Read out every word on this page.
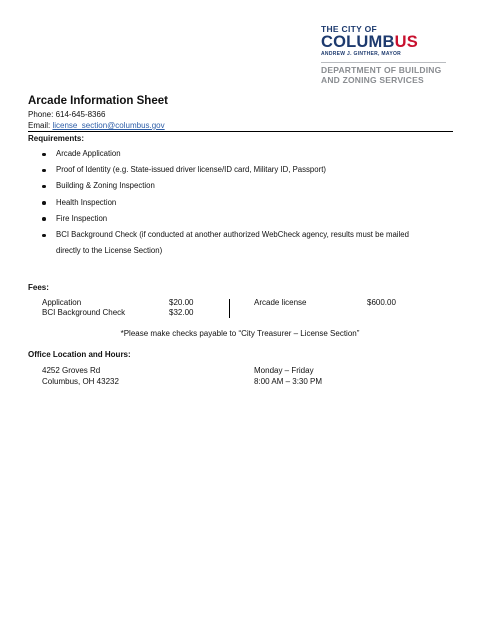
THE CITY OF
COLUMBUS
ANDREW J. GINTHER, MAYOR
DEPARTMENT OF BUILDING
AND ZONING SERVICES
Arcade Information Sheet
Phone: 614-645-8366
Email: license_section@columbus.gov
Requirements:
Arcade Application
Proof of Identity (e.g. State-issued driver license/ID card, Military ID, Passport)
Building & Zoning Inspection
Health Inspection
Fire Inspection
BCI Background Check (if conducted at another authorized WebCheck agency, results must be mailed
directly to the License Section)
Fees:
Application	$20.00
BCI Background Check	$32.00
Arcade license	$600.00
*Please make checks payable to “City Treasurer – License Section”
Office Location and Hours:
4252 Groves Rd
Columbus, OH 43232
Monday – Friday
8:00 AM – 3:30 PM
